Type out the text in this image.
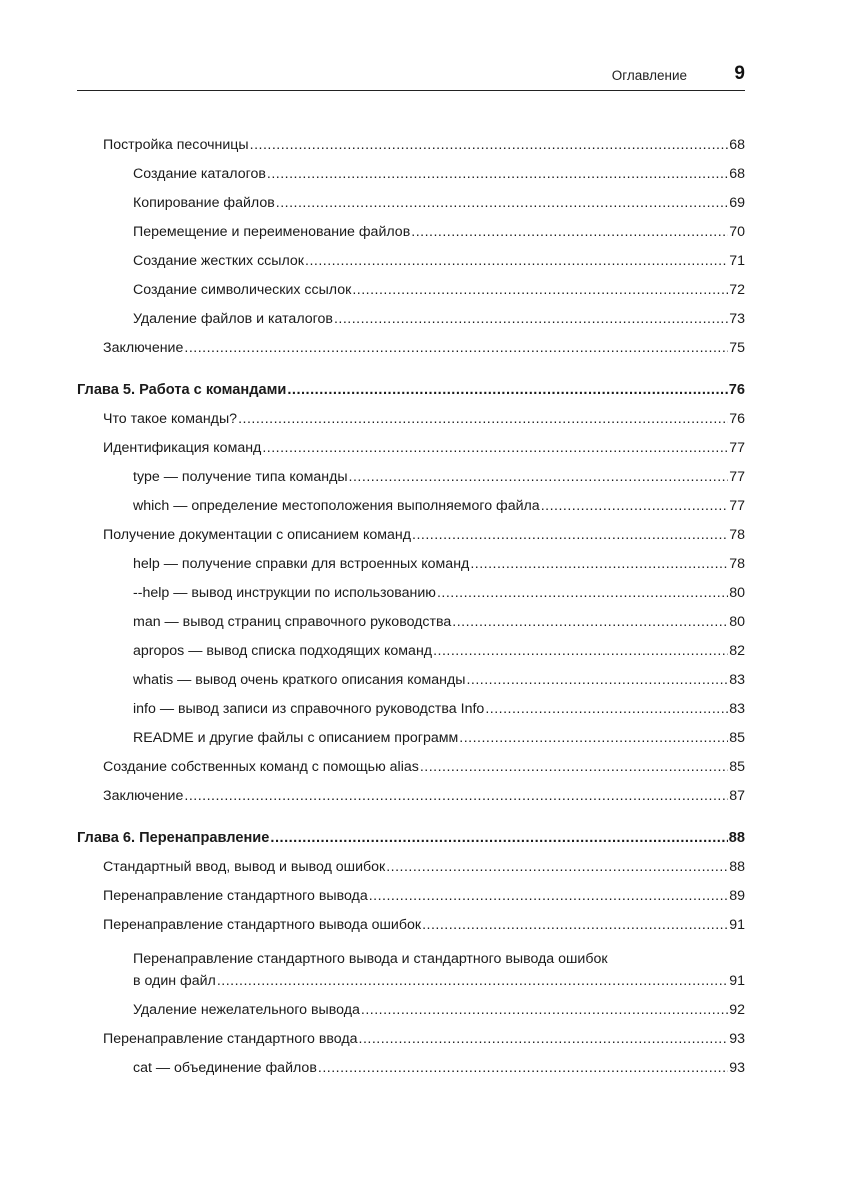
Оглавление 9
Постройка песочницы .....	68
Создание каталогов .....	68
Копирование файлов .....	69
Перемещение и переименование файлов .....	70
Создание жестких ссылок .....	71
Создание символических ссылок .....	72
Удаление файлов и каталогов .....	73
Заключение .....	75
Глава 5. Работа с командами .....	76
Что такое команды? .....	76
Идентификация команд .....	77
type — получение типа команды .....	77
which — определение местоположения выполняемого файла .....	77
Получение документации с описанием команд .....	78
help — получение справки для встроенных команд .....	78
--help — вывод инструкции по использованию .....	80
man — вывод страниц справочного руководства .....	80
apropos — вывод списка подходящих команд .....	82
whatis — вывод очень краткого описания команды .....	83
info — вывод записи из справочного руководства Info .....	83
README и другие файлы с описанием программ .....	85
Создание собственных команд с помощью alias .....	85
Заключение .....	87
Глава 6. Перенаправление .....	88
Стандартный ввод, вывод и вывод ошибок .....	88
Перенаправление стандартного вывода .....	89
Перенаправление стандартного вывода ошибок .....	91
Перенаправление стандартного вывода и стандартного вывода ошибок
в один файл .....	91
Удаление нежелательного вывода .....	92
Перенаправление стандартного ввода .....	93
cat — объединение файлов .....	93
